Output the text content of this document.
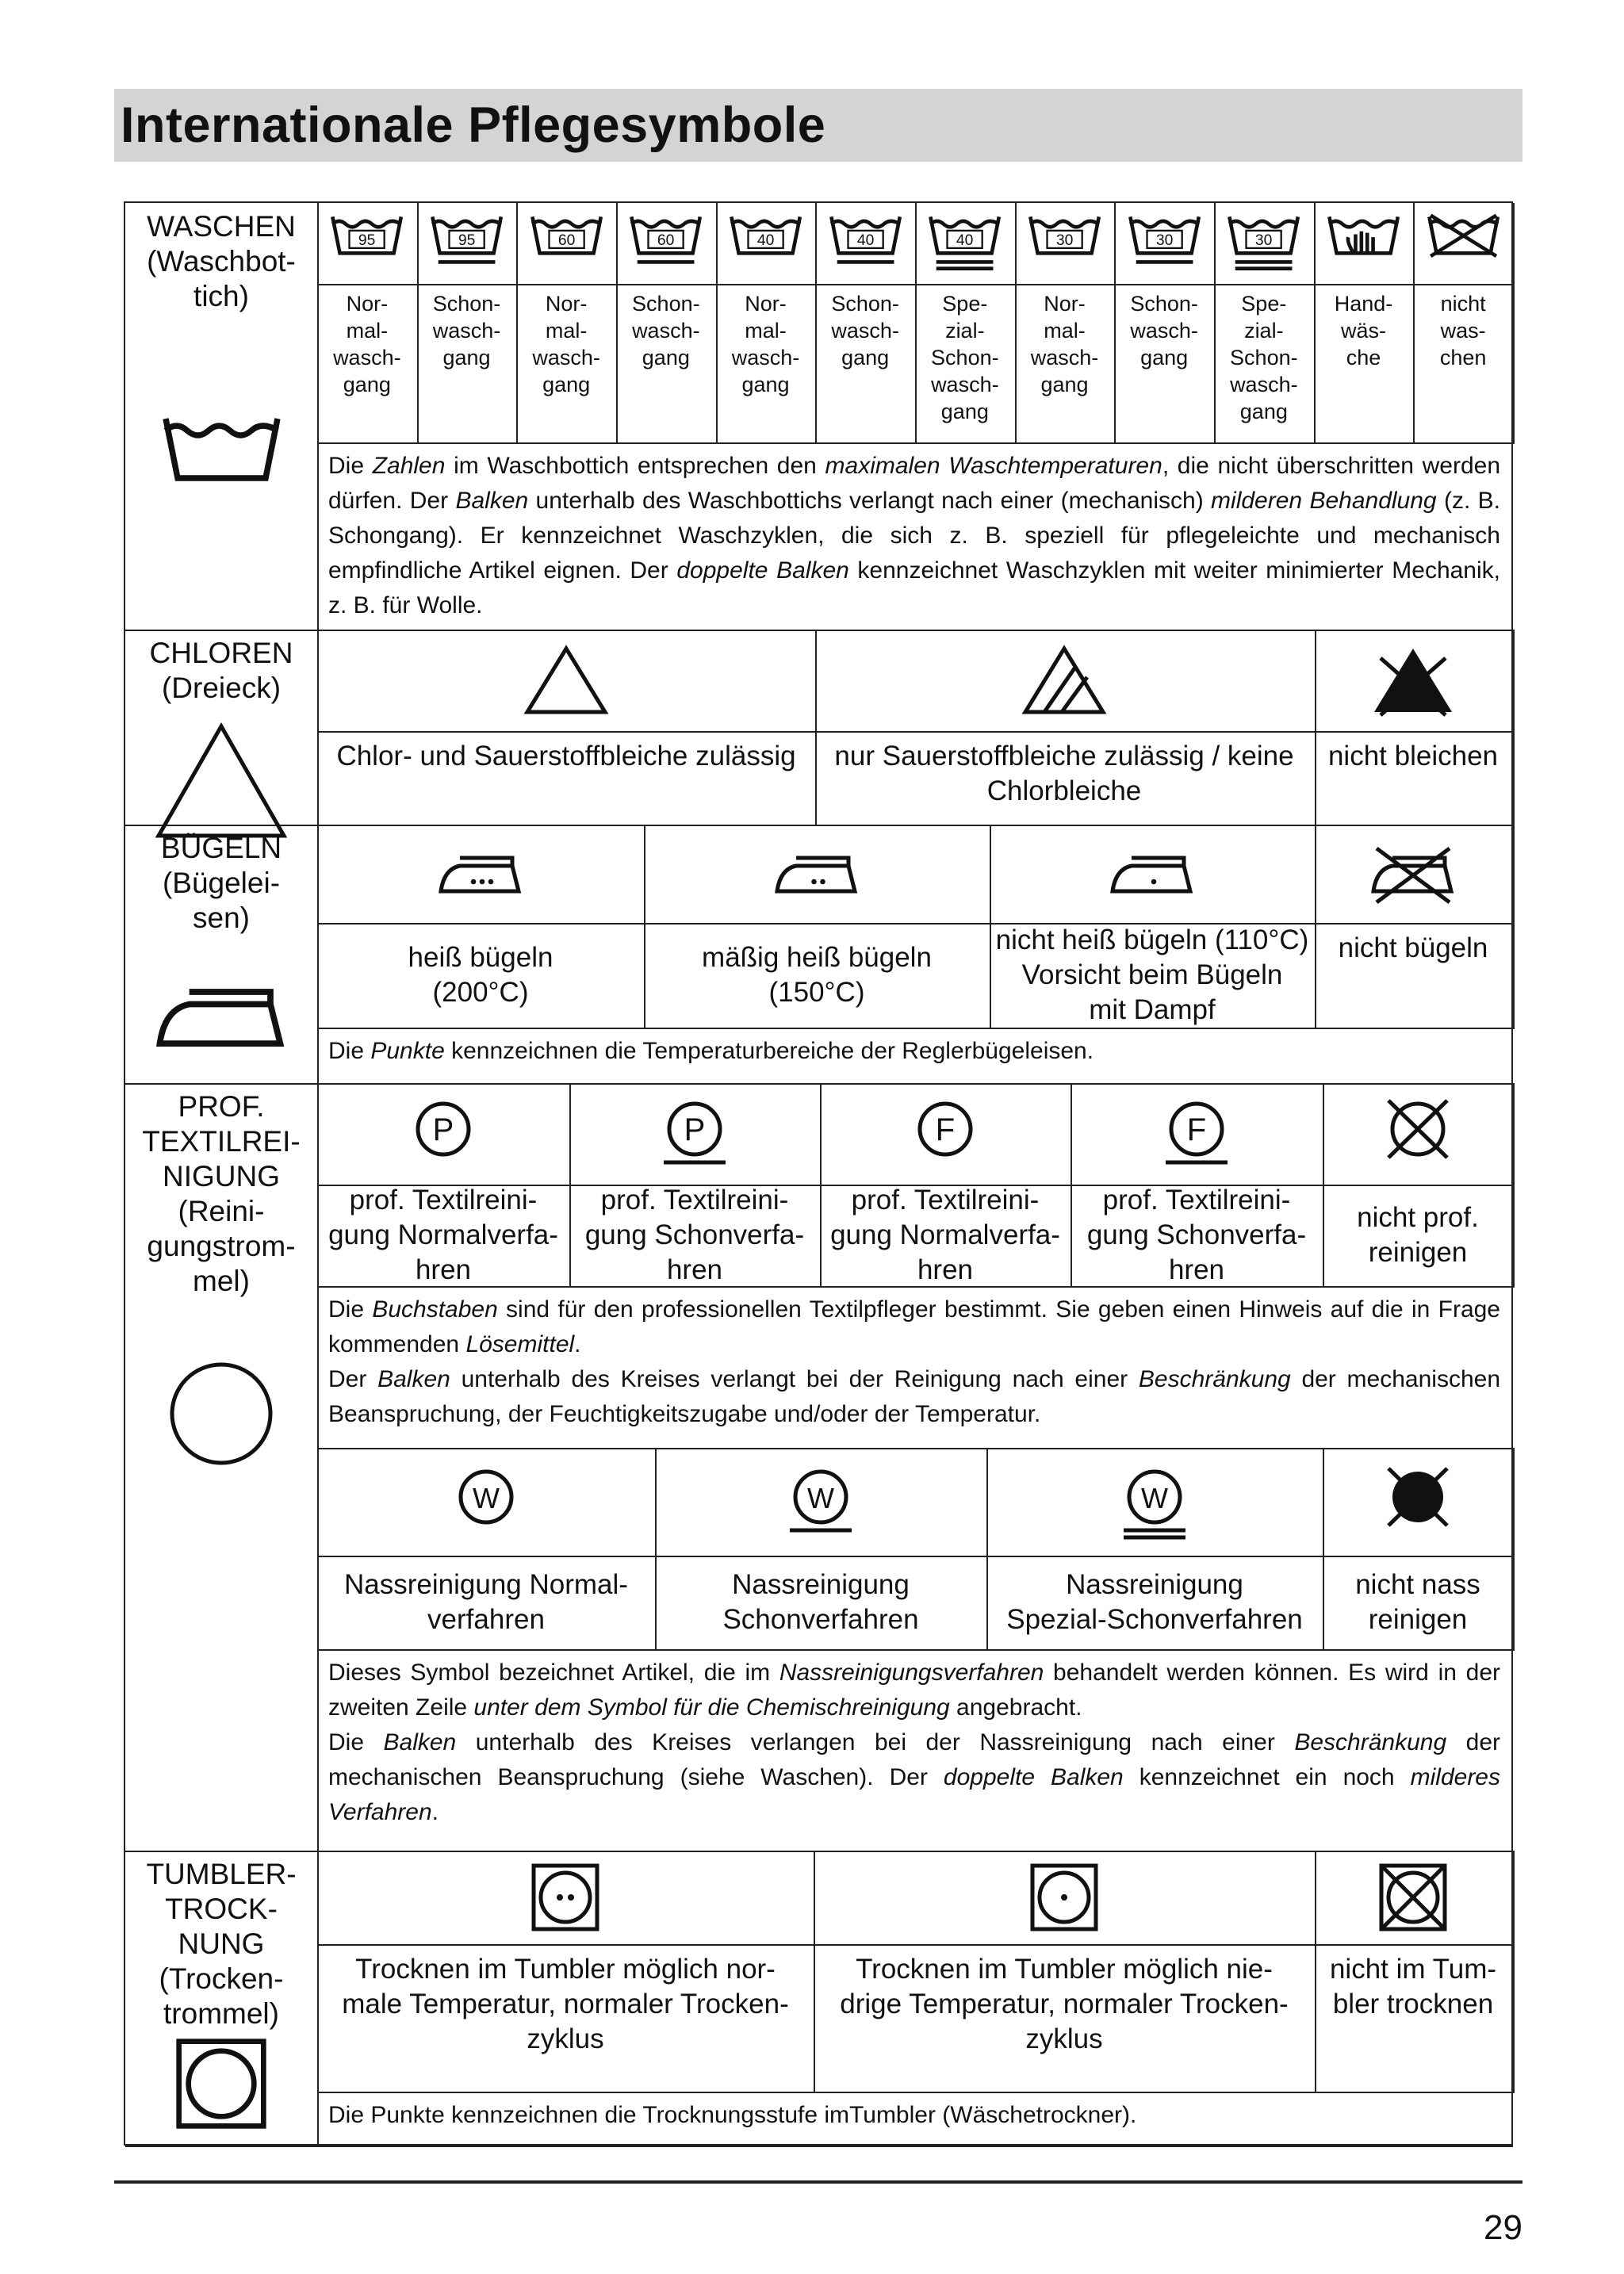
Internationale Pflegesymbole
WASCHEN
(Waschbot-
tich)
95
Nor-
mal-
wasch-
gang
95
Schon-
wasch-
gang
60
Nor-
mal-
wasch-
gang
60
Schon-
wasch-
gang
40
Nor-
mal-
wasch-
gang
40
Schon-
wasch-
gang
40
Spe-
zial-
Schon-
wasch-
gang
30
Nor-
mal-
wasch-
gang
30
Schon-
wasch-
gang
30
Spe-
zial-
Schon-
wasch-
gang
Hand-
wäs-
che
nicht
was-
chen

Die Zahlen im Waschbottich entsprechen den maximalen Waschtemperaturen, die nicht überschritten werden dürfen. Der Balken unterhalb des Waschbottichs verlangt nach einer (mechanisch) milderen Behandlung (z. B. Schongang). Er kennzeichnet Waschzyklen, die sich z. B. speziell für pflegeleichte und mechanisch empfindliche Artikel eignen. Der doppelte Balken kennzeichnet Waschzyklen mit weiter minimierter Mechanik, z. B. für Wolle.

CHLOREN
(Dreieck)
Chlor- und Sauerstoffbleiche zulässig nur Sauerstoffbleiche zulässig / keine
Chlorbleiche
nicht bleichen
BÜGELN
(Bügelei-
sen)
heiß bügeln
(200°C)
mäßig heiß bügeln
(150°C)
nicht heiß bügeln (110°C)
Vorsicht beim Bügeln
mit Dampf
nicht bügeln

Die Punkte kennzeichnen die Temperaturbereiche der Reglerbügeleisen.

PROF.
TEXTILREI-
NIGUNG
(Reini-
gungstrom-
mel)
P
prof. Textilreini-
gung Normalverfa-
hren
P
prof. Textilreini-
gung Schonverfa-
hren
F
prof. Textilreini-
gung Normalverfa-
hren
F
prof. Textilreini-
gung Schonverfa-
hren
nicht prof.
reinigen

Die Buchstaben sind für den professionellen Textilpfleger bestimmt. Sie geben einen Hinweis auf die in Frage kommenden Lösemittel.
Der Balken unterhalb des Kreises verlangt bei der Reinigung nach einer Beschränkung der mechanischen Beanspruchung, der Feuchtigkeitszugabe und/oder der Temperatur.

W
Nassreinigung Normal-
verfahren
W
Nassreinigung
Schonverfahren
W
Nassreinigung
Spezial-Schonverfahren
nicht nass
reinigen

Dieses Symbol bezeichnet Artikel, die im Nassreinigungsverfahren behandelt werden können. Es wird in der zweiten Zeile unter dem Symbol für die Chemischreinigung angebracht.
Die Balken unterhalb des Kreises verlangen bei der Nassreinigung nach einer Beschränkung der mechanischen Beanspruchung (siehe Waschen). Der doppelte Balken kennzeichnet ein noch milderes Verfahren.

TUMBLER-
TROCK-
NUNG
(Trocken-
trommel)
Trocknen im Tumbler möglich nor-
male Temperatur, normaler Trocken-
zyklus
Trocknen im Tumbler möglich nie-
drige Temperatur, normaler Trocken-
zyklus
nicht im Tum-
bler trocknen

Die Punkte kennzeichnen die Trocknungsstufe imTumbler (Wäschetrockner).

29
